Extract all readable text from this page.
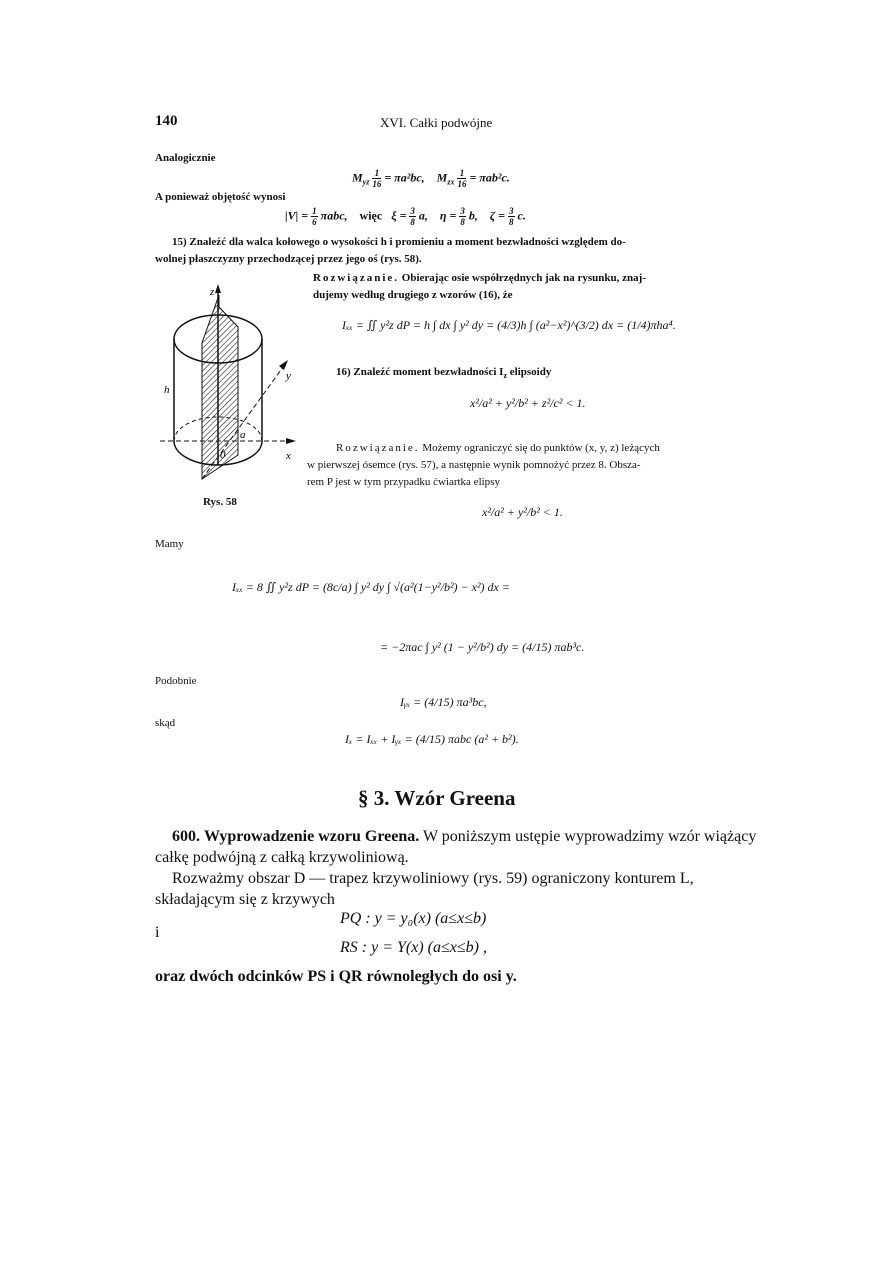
140	XVI. Całki podwójne
Analogicznie
$M_{yz} \frac{1}{16} = \pi a^2bc$, $M_{zx} \frac{1}{16} = \pi ab^2c$.
A ponieważ objętość wynosi
$|V| = \frac{1}{6} \pi abc$, więc $\xi = \frac{3}{8} a$, $\eta = \frac{3}{8} b$, $\zeta = \frac{3}{8} c$.
15) Znaleźć dla walca kołowego o wysokości h i promieniu a moment bezwładności względem do-
wolnej płaszczyzny przechodzącej przez jego oś (rys. 58).
Rozwiązanie. Obierając osie współrzędnych jak na rysunku, znaj-
dujemy według drugiego z wzorów (16), że
z
y
x
h
a
0
Rys. 58
Iₓₓ = ∬ y²z dP = h ∫ dx ∫ y² dy = (4/3)h ∫ (a²−x²)^(3/2) dx = (1/4)πha⁴.
16) Znaleźć moment bezwładności $I_z$ elipsoidy
x²/a² + y²/b² + z²/c² < 1.
Rozwiązanie. Możemy ograniczyć się do punktów (x, y, z) leżących
w pierwszej ósemce (rys. 57), a następnie wynik pomnożyć przez 8. Obsza-
rem P jest w tym przypadku ćwiartka elipsy
x²/a² + y²/b² < 1.
Mamy
Iₓₓ = 8 ∬ y²z dP = (8c/a) ∫ y² dy ∫ √(a²(1−y²/b²) − x²) dx =
= −2πac ∫ y² (1 − y²/b²) dy = (4/15) πab³c.
Podobnie
Iᵧₓ = (4/15) πa³bc,
skąd
Iₓ = Iₓₓ + Iᵧₓ = (4/15) πabc (a² + b²).
§ 3. Wzór Greena
600. Wyprowadzenie wzoru Greena. W poniższym ustępie wyprowadzimy wzór wiążący
całkę podwójną z całką krzywoliniową.
Rozważmy obszar D — trapez krzywoliniowy (rys. 59) ograniczony konturem L,
składającym się z krzywych
PQ : y = y₀(x) (a≤x≤b)
i
RS : y = Y(x) (a≤x≤b) ,
oraz dwóch odcinków PS i QR równoległych do osi y.
